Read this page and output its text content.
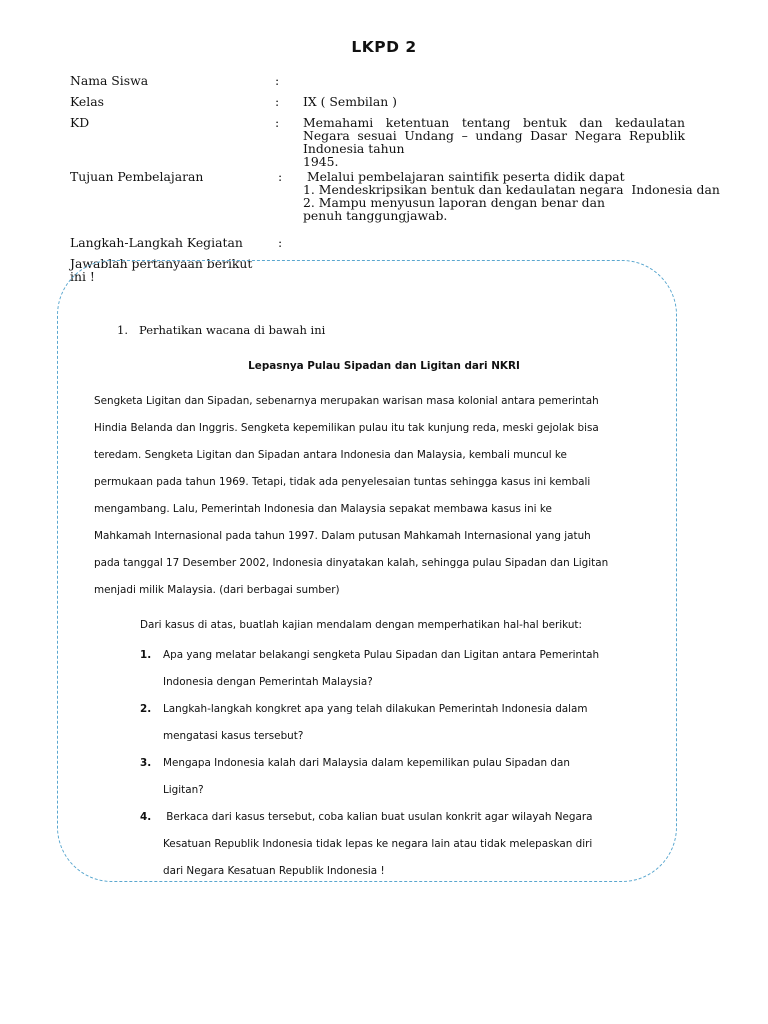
LKPD 2
Nama Siswa	:
Kelas	: IX ( Sembilan )
KD	: Memahami ketentuan tentang bentuk dan kedaulatan
Negara sesuai Undang – undang Dasar Negara Republik
Indonesia tahun
1945.
Tujuan Pembelajaran	: Melalui pembelajaran saintifik peserta didik dapat
1. Mendeskripsikan bentuk dan kedaulatan negara  Indonesia dan
2. Mampu menyusun laporan dengan benar dan
penuh tanggungjawab.
Langkah-Langkah Kegiatan	:
Jawablah pertanyaan berikut
ini !
1. Perhatikan wacana di bawah ini
Lepasnya Pulau Sipadan dan Ligitan dari NKRI
Sengketa Ligitan dan Sipadan, sebenarnya merupakan warisan masa kolonial antara pemerintah
Hindia Belanda dan Inggris. Sengketa kepemilikan pulau itu tak kunjung reda, meski gejolak bisa
teredam. Sengketa Ligitan dan Sipadan antara Indonesia dan Malaysia, kembali muncul ke
permukaan pada tahun 1969. Tetapi, tidak ada penyelesaian tuntas sehingga kasus ini kembali
mengambang. Lalu, Pemerintah Indonesia dan Malaysia sepakat membawa kasus ini ke
Mahkamah Internasional pada tahun 1997. Dalam putusan Mahkamah Internasional yang jatuh
pada tanggal 17 Desember 2002, Indonesia dinyatakan kalah, sehingga pulau Sipadan dan Ligitan
menjadi milik Malaysia. (dari berbagai sumber)
Dari kasus di atas, buatlah kajian mendalam dengan memperhatikan hal-hal berikut:
1. Apa yang melatar belakangi sengketa Pulau Sipadan dan Ligitan antara Pemerintah
Indonesia dengan Pemerintah Malaysia?
2. Langkah-langkah kongkret apa yang telah dilakukan Pemerintah Indonesia dalam
mengatasi kasus tersebut?
3. Mengapa Indonesia kalah dari Malaysia dalam kepemilikan pulau Sipadan dan
Ligitan?
4. Berkaca dari kasus tersebut, coba kalian buat usulan konkrit agar wilayah Negara
Kesatuan Republik Indonesia tidak lepas ke negara lain atau tidak melepaskan diri
dari Negara Kesatuan Republik Indonesia !
